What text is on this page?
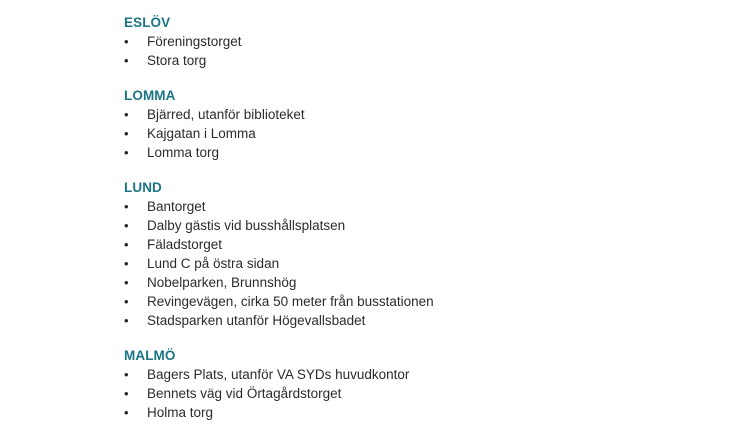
ESLÖV
•	Föreningstorget
•	Stora torg
LOMMA
•	Bjärred, utanför biblioteket
•	Kajgatan i Lomma
•	Lomma torg
LUND
•	Bantorget
•	Dalby gästis vid busshållsplatsen
•	Fäladstorget
•	Lund C på östra sidan
•	Nobelparken, Brunnshög
•	Revingevägen, cirka 50 meter från busstationen
•	Stadsparken utanför Högevallsbadet
MALMÖ
•	Bagers Plats, utanför VA SYDs huvudkontor
•	Bennets väg vid Örtagårdstorget
•	Holma torg
